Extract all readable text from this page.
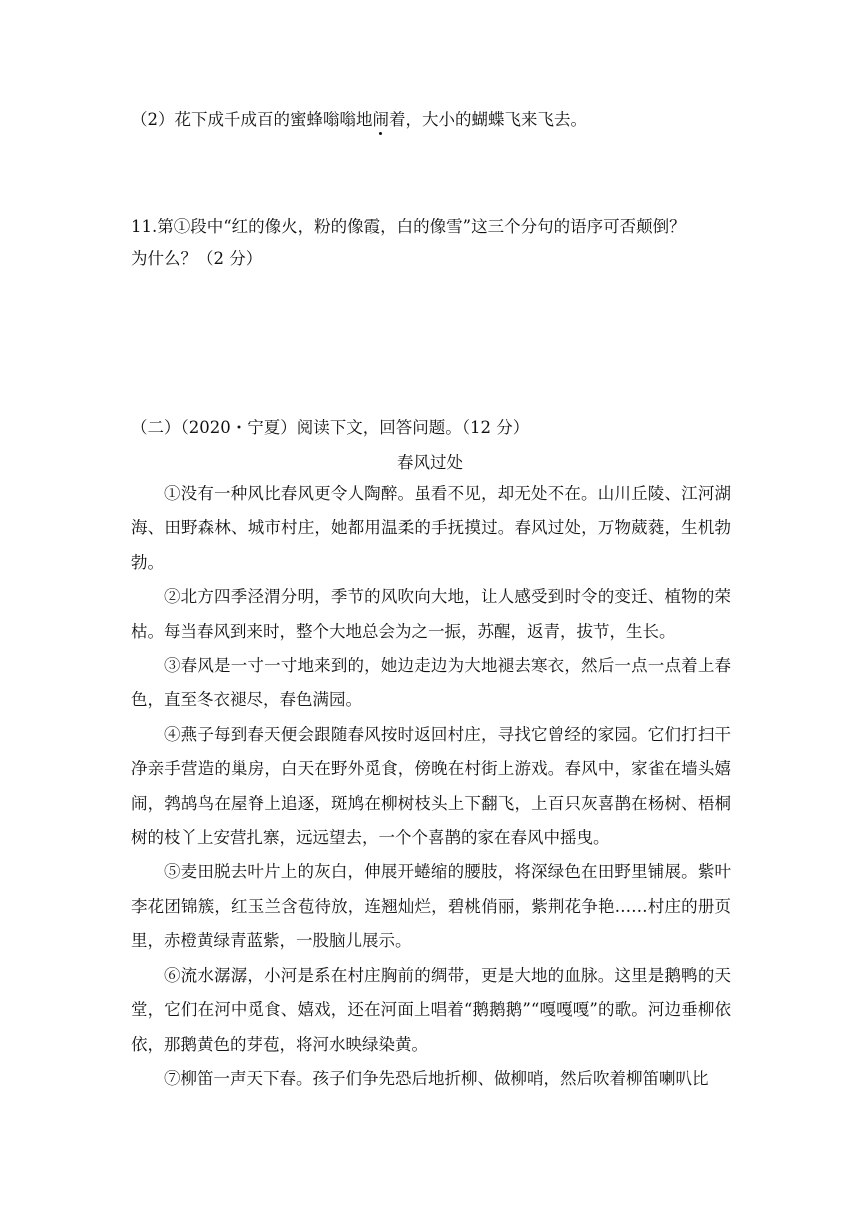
（2）花下成千成百的蜜蜂嗡嗡地闹着，大小的蝴蝶飞来飞去。
11.第①段中“红的像火，粉的像霞，白的像雪”这三个分句的语序可否颠倒？
为什么？（2 分）
（二）（2020・宁夏）阅读下文，回答问题。（12 分）
春风过处

①没有一种风比春风更令人陶醉。虽看不见，却无处不在。山川丘陵、江河湖海、田野森林、城市村庄，她都用温柔的手抚摸过。春风过处，万物葳蕤，生机勃勃。

②北方四季泾渭分明，季节的风吹向大地，让人感受到时令的变迁、植物的荣枯。每当春风到来时，整个大地总会为之一振，苏醒，返青，拔节，生长。

③春风是一寸一寸地来到的，她边走边为大地褪去寒衣，然后一点一点着上春色，直至冬衣褪尽，春色满园。

④燕子每到春天便会跟随春风按时返回村庄，寻找它曾经的家园。它们打扫干净亲手营造的巢房，白天在野外觅食，傍晚在村街上游戏。春风中，家雀在墙头嬉闹，鹁鸪鸟在屋脊上追逐，斑鸠在柳树枝头上下翻飞，上百只灰喜鹊在杨树、梧桐树的枝丫上安营扎寨，远远望去，一个个喜鹊的家在春风中摇曳。

⑤麦田脱去叶片上的灰白，伸展开蜷缩的腰肢，将深绿色在田野里铺展。紫叶李花团锦簇，红玉兰含苞待放，连翘灿烂，碧桃俏丽，紫荆花争艳……村庄的册页里，赤橙黄绿青蓝紫，一股脑儿展示。

⑥流水潺潺，小河是系在村庄胸前的绸带，更是大地的血脉。这里是鹅鸭的天堂，它们在河中觅食、嬉戏，还在河面上唱着“鹅鹅鹅”“嘎嘎嘎”的歌。河边垂柳依依，那鹅黄色的芽苞，将河水映绿染黄。

⑦柳笛一声天下春。孩子们争先恐后地折柳、做柳哨，然后吹着柳笛喇叭比
